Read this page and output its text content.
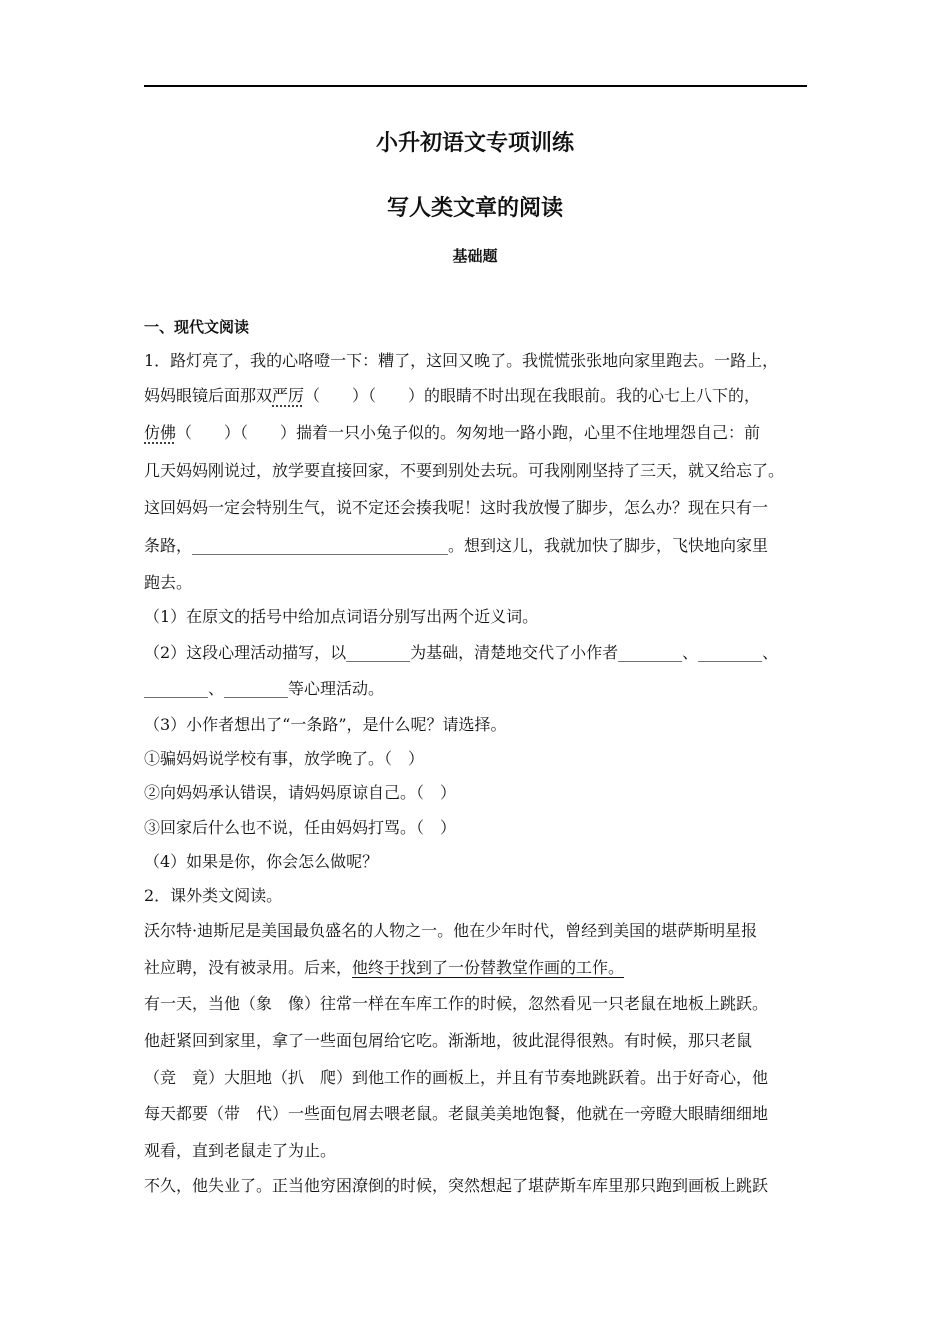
小升初语文专项训练
写人类文章的阅读
基础题
一、现代文阅读
1．路灯亮了，我的心咯噔一下：糟了，这回又晚了。我慌慌张张地向家里跑去。一路上，
妈妈眼镜后面那双严厉（　　）（　　）的眼睛不时出现在我眼前。我的心七上八下的，
仿佛（　　）（　　）揣着一只小兔子似的。匆匆地一路小跑，心里不住地埋怨自己：前
几天妈妈刚说过，放学要直接回家，不要到别处去玩。可我刚刚坚持了三天，就又给忘了。
这回妈妈一定会特别生气，说不定还会揍我呢！这时我放慢了脚步，怎么办？现在只有一
条路，________________________________。想到这儿，我就加快了脚步，飞快地向家里
跑去。
（1）在原文的括号中给加点词语分别写出两个近义词。
（2）这段心理活动描写，以________为基础，清楚地交代了小作者________、________、
________、________等心理活动。
（3）小作者想出了“一条路”，是什么呢？请选择。
①骗妈妈说学校有事，放学晚了。（　）
②向妈妈承认错误，请妈妈原谅自己。（　）
③回家后什么也不说，任由妈妈打骂。（　）
（4）如果是你，你会怎么做呢？
2．课外类文阅读。
沃尔特·迪斯尼是美国最负盛名的人物之一。他在少年时代，曾经到美国的堪萨斯明星报
社应聘，没有被录用。后来，他终于找到了一份替教堂作画的工作。
有一天，当他（象　像）往常一样在车库工作的时候，忽然看见一只老鼠在地板上跳跃。
他赶紧回到家里，拿了一些面包屑给它吃。渐渐地，彼此混得很熟。有时候，那只老鼠
（竞　竟）大胆地（扒　爬）到他工作的画板上，并且有节奏地跳跃着。出于好奇心，他
每天都要（带　代）一些面包屑去喂老鼠。老鼠美美地饱餐，他就在一旁瞪大眼睛细细地
观看，直到老鼠走了为止。
不久，他失业了。正当他穷困潦倒的时候，突然想起了堪萨斯车库里那只跑到画板上跳跃
